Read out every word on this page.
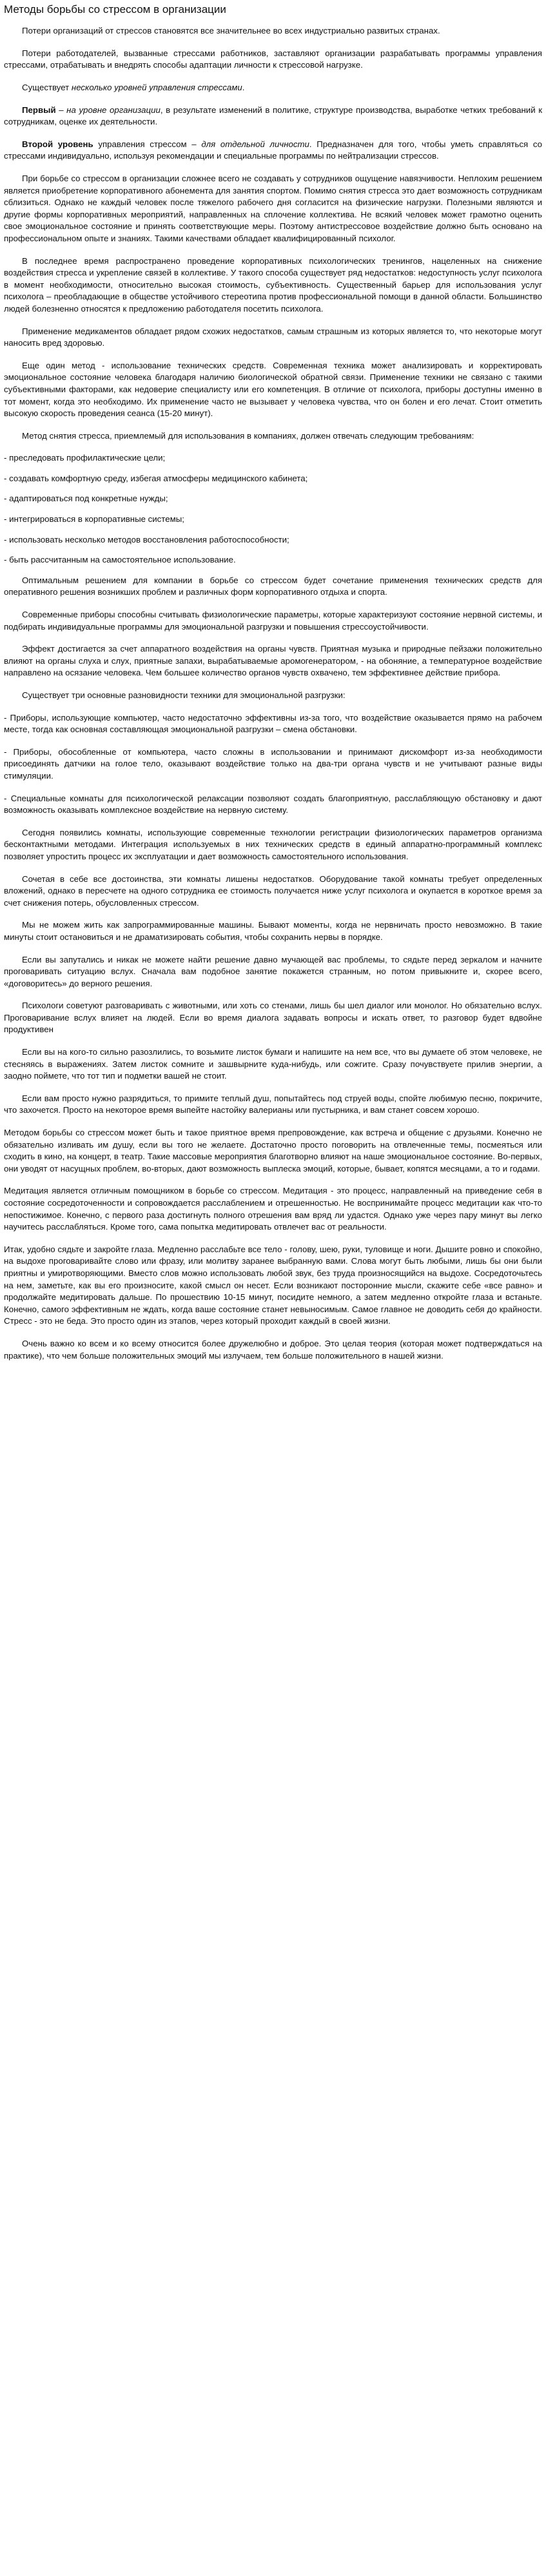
Методы борьбы со стрессом в организации

Потери организаций от стрессов становятся все значительнее во всех индустриально развитых странах.

Потери работодателей, вызванные стрессами работников, заставляют организации разрабатывать программы управления стрессами, отрабатывать и внедрять способы адаптации личности к стрессовой нагрузке.

Существует несколько уровней управления стрессами.

Первый – на уровне организации, в результате изменений в политике, структуре производства, выработке четких требований к сотрудникам, оценке их деятельности.

Второй уровень управления стрессом – для отдельной личности. Предназначен для того, чтобы уметь справляться со стрессами индивидуально, используя рекомендации и специальные программы по нейтрализации стрессов.

При борьбе со стрессом в организации сложнее всего не создавать у сотрудников ощущение навязчивости. Неплохим решением является приобретение корпоративного абонемента для занятия спортом. Помимо снятия стресса это дает возможность сотрудникам сблизиться. Однако не каждый человек после тяжелого рабочего дня согласится на физические нагрузки. Полезными являются и другие формы корпоративных мероприятий, направленных на сплочение коллектива. Не всякий человек может грамотно оценить свое эмоциональное состояние и принять соответствующие меры. Поэтому антистрессовое воздействие должно быть основано на профессиональном опыте и знаниях. Такими качествами обладает квалифицированный психолог.

В последнее время распространено проведение корпоративных психологических тренингов, нацеленных на снижение воздействия стресса и укрепление связей в коллективе. У такого способа существует ряд недостатков: недоступность услуг психолога в момент необходимости, относительно высокая стоимость, субъективность. Существенный барьер для использования услуг психолога – преобладающие в обществе устойчивого стереотипа против профессиональной помощи в данной области. Большинство людей болезненно относятся к предложению работодателя посетить психолога.

Применение медикаментов обладает рядом схожих недостатков, самым страшным из которых является то, что некоторые могут наносить вред здоровью.

Еще один метод - использование технических средств. Современная техника может анализировать и корректировать эмоциональное состояние человека благодаря наличию биологической обратной связи. Применение техники не связано с такими субъективными факторами, как недоверие специалисту или его компетенция. В отличие от психолога, приборы доступны именно в тот момент, когда это необходимо. Их применение часто не вызывает у человека чувства, что он болен и его лечат. Стоит отметить высокую скорость проведения сеанса (15-20 минут).

Метод снятия стресса, приемлемый для использования в компаниях, должен отвечать следующим требованиям:

- преследовать профилактические цели;
- создавать комфортную среду, избегая атмосферы медицинского кабинета;
- адаптироваться под конкретные нужды;
- интегрироваться в корпоративные системы;
- использовать несколько методов восстановления работоспособности;
- быть рассчитанным на самостоятельное использование.

Оптимальным решением для компании в борьбе со стрессом будет сочетание применения технических средств для оперативного решения возникших проблем и различных форм корпоративного отдыха и спорта.

Современные приборы способны считывать физиологические параметры, которые характеризуют состояние нервной системы, и подбирать индивидуальные программы для эмоциональной разгрузки и повышения стрессоустойчивости.

Эффект достигается за счет аппаратного воздействия на органы чувств. Приятная музыка и природные пейзажи положительно влияют на органы слуха и слух, приятные запахи, вырабатываемые аромогенератором, - на обоняние, а температурное воздействие направлено на осязание человека. Чем большее количество органов чувств охвачено, тем эффективнее действие прибора.

Существует три основные разновидности техники для эмоциональной разгрузки:

- Приборы, использующие компьютер, часто недостаточно эффективны из-за того, что воздействие оказывается прямо на рабочем месте, тогда как основная составляющая эмоциональной разгрузки – смена обстановки.

- Приборы, обособленные от компьютера, часто сложны в использовании и принимают дискомфорт из-за необходимости присоединять датчики на голое тело, оказывают воздействие только на два-три органа чувств и не учитывают разные виды стимуляции.

- Специальные комнаты для психологической релаксации позволяют создать благоприятную, расслабляющую обстановку и дают возможность оказывать комплексное воздействие на нервную систему.

Сегодня появились комнаты, использующие современные технологии регистрации физиологических параметров организма бесконтактными методами. Интеграция используемых в них технических средств в единый аппаратно-программный комплекс позволяет упростить процесс их эксплуатации и дает возможность самостоятельного использования.

Сочетая в себе все достоинства, эти комнаты лишены недостатков. Оборудование такой комнаты требует определенных вложений, однако в пересчете на одного сотрудника ее стоимость получается ниже услуг психолога и окупается в короткое время за счет снижения потерь, обусловленных стрессом.

Мы не можем жить как запрограммированные машины. Бывают моменты, когда не нервничать просто невозможно. В такие минуты стоит остановиться и не драматизировать события, чтобы сохранить нервы в порядке.

Если вы запутались и никак не можете найти решение давно мучающей вас проблемы, то сядьте перед зеркалом и начните проговаривать ситуацию вслух. Сначала вам подобное занятие покажется странным, но потом привыкните и, скорее всего, «договоритесь» до верного решения.

Психологи советуют разговаривать с животными, или хоть со стенами, лишь бы шел диалог или монолог. Но обязательно вслух. Проговаривание вслух влияет на людей. Если во время диалога задавать вопросы и искать ответ, то разговор будет вдвойне продуктивен

Если вы на кого-то сильно разозлились, то возьмите листок бумаги и напишите на нем все, что вы думаете об этом человеке, не стесняясь в выражениях. Затем листок сомните и зашвырните куда-нибудь, или сожгите. Сразу почувствуете прилив энергии, а заодно поймете, что тот тип и подметки вашей не стоит.

Если вам просто нужно разрядиться, то примите теплый душ, попытайтесь под струей воды, спойте любимую песню, покричите, что захочется. Просто на некоторое время выпейте настойку валерианы или пустырника, и вам станет совсем хорошо.

Методом борьбы со стрессом может быть и такое приятное время препровождение, как встреча и общение с друзьями. Конечно не обязательно изливать им душу, если вы того не желаете. Достаточно просто поговорить на отвлеченные темы, посмеяться или сходить в кино, на концерт, в театр. Такие массовые мероприятия благотворно влияют на наше эмоциональное состояние. Во-первых, они уводят от насущных проблем, во-вторых, дают возможность выплеска эмоций, которые, бывает, копятся месяцами, а то и годами.

Медитация является отличным помощником в борьбе со стрессом. Медитация - это процесс, направленный на приведение себя в состояние сосредоточенности и сопровождается расслаблением и отрешенностью. Не воспринимайте процесс медитации как что-то непостижимое. Конечно, с первого раза достигнуть полного отрешения вам вряд ли удастся. Однако уже через пару минут вы легко научитесь расслабляться. Кроме того, сама попытка медитировать отвлечет вас от реальности.

Итак, удобно сядьте и закройте глаза. Медленно расслабьте все тело - голову, шею, руки, туловище и ноги. Дышите ровно и спокойно, на выдохе проговаривайте слово или фразу, или молитву заранее выбранную вами. Слова могут быть любыми, лишь бы они были приятны и умиротворяющими. Вместо слов можно использовать любой звук, без труда произносящийся на выдохе. Сосредоточьтесь на нем, заметьте, как вы его произносите, какой смысл он несет. Если возникают посторонние мысли, скажите себе «все равно» и продолжайте медитировать дальше. По прошествию 10-15 минут, посидите немного, а затем медленно откройте глаза и встаньте. Конечно, самого эффективным не ждать, когда ваше состояние станет невыносимым. Самое главное не доводить себя до крайности. Стресс - это не беда. Это просто один из этапов, через который проходит каждый в своей жизни.

Очень важно ко всем и ко всему относится более дружелюбно и доброе. Это целая теория (которая может подтверждаться на практике), что чем больше положительных эмоций мы излучаем, тем больше положительного в нашей жизни.
